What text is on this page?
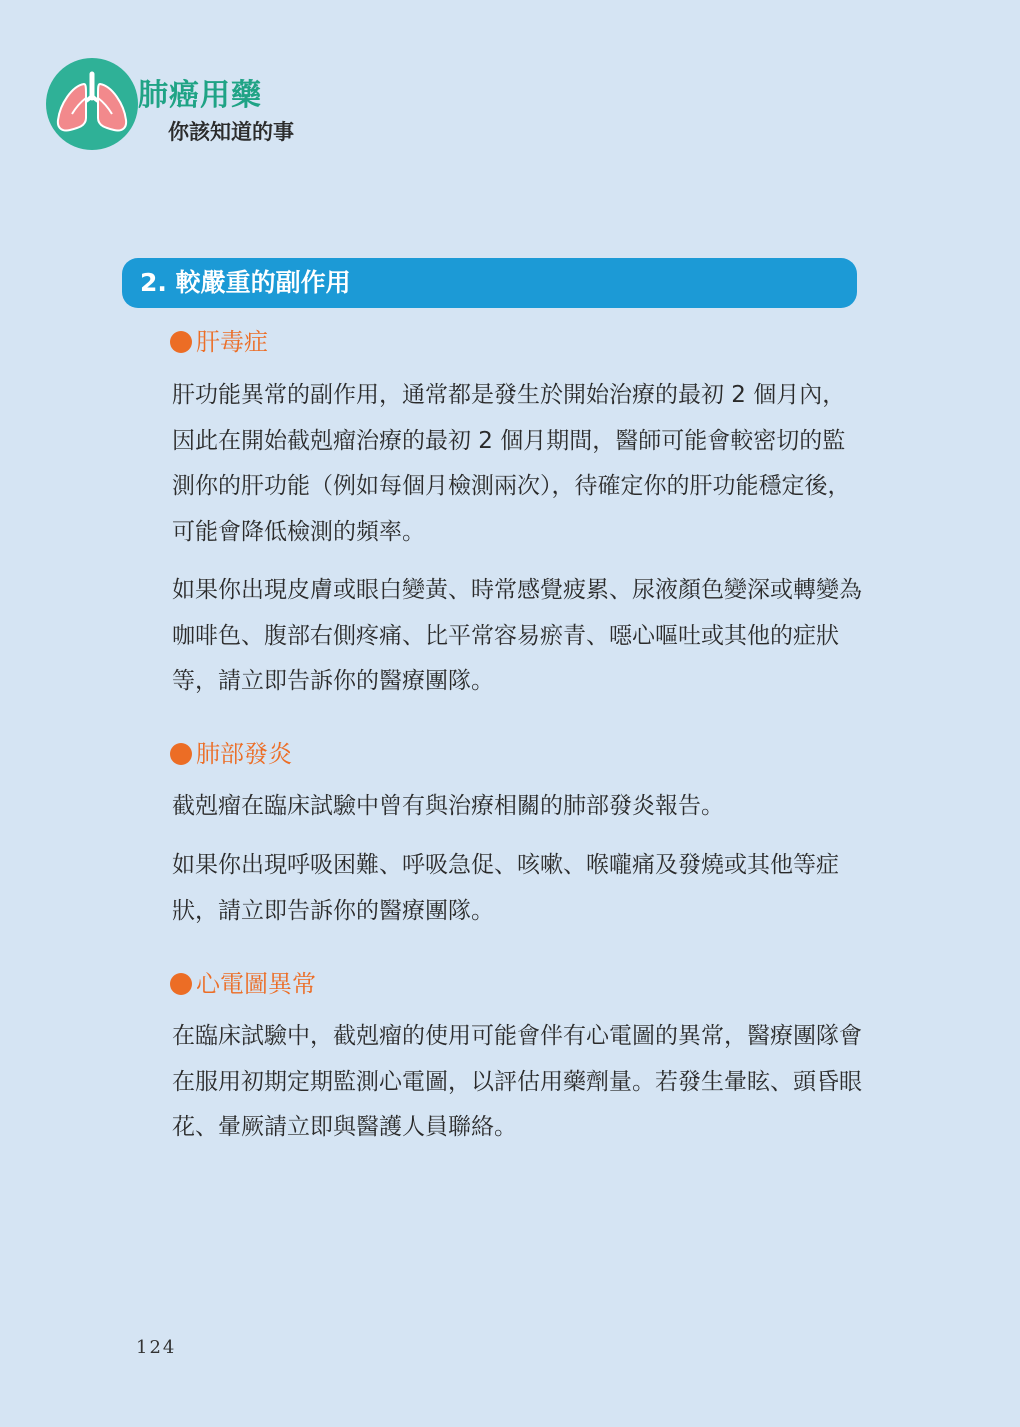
肺癌用藥
你該知道的事
2. 較嚴重的副作用
肝毒症

肝功能異常的副作用，通常都是發生於開始治療的最初 2 個月內，因此在開始截剋瘤治療的最初 2 個月期間，醫師可能會較密切的監測你的肝功能（例如每個月檢測兩次），待確定你的肝功能穩定後，可能會降低檢測的頻率。

如果你出現皮膚或眼白變黃、時常感覺疲累、尿液顏色變深或轉變為咖啡色、腹部右側疼痛、比平常容易瘀青、噁心嘔吐或其他的症狀等，請立即告訴你的醫療團隊。

肺部發炎

截剋瘤在臨床試驗中曾有與治療相關的肺部發炎報告。

如果你出現呼吸困難、呼吸急促、咳嗽、喉嚨痛及發燒或其他等症狀，請立即告訴你的醫療團隊。

心電圖異常

在臨床試驗中，截剋瘤的使用可能會伴有心電圖的異常，醫療團隊會在服用初期定期監測心電圖，以評估用藥劑量。若發生暈眩、頭昏眼花、暈厥請立即與醫護人員聯絡。

124
